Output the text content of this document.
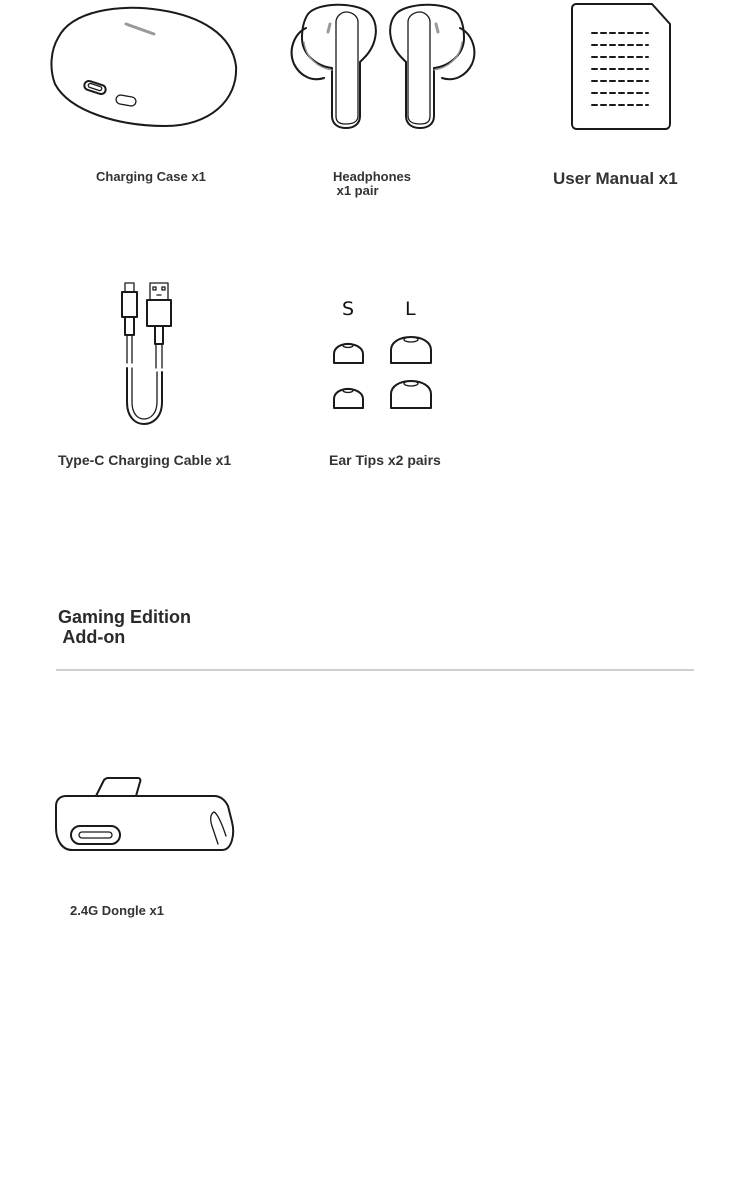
Charging Case x1	Headphones
x1 pair
User Manual x1
Type-C Charging Cable x1
S	L
Ear Tips x2 pairs
Gaming Edition
Add-on
2.4G Dongle x1
